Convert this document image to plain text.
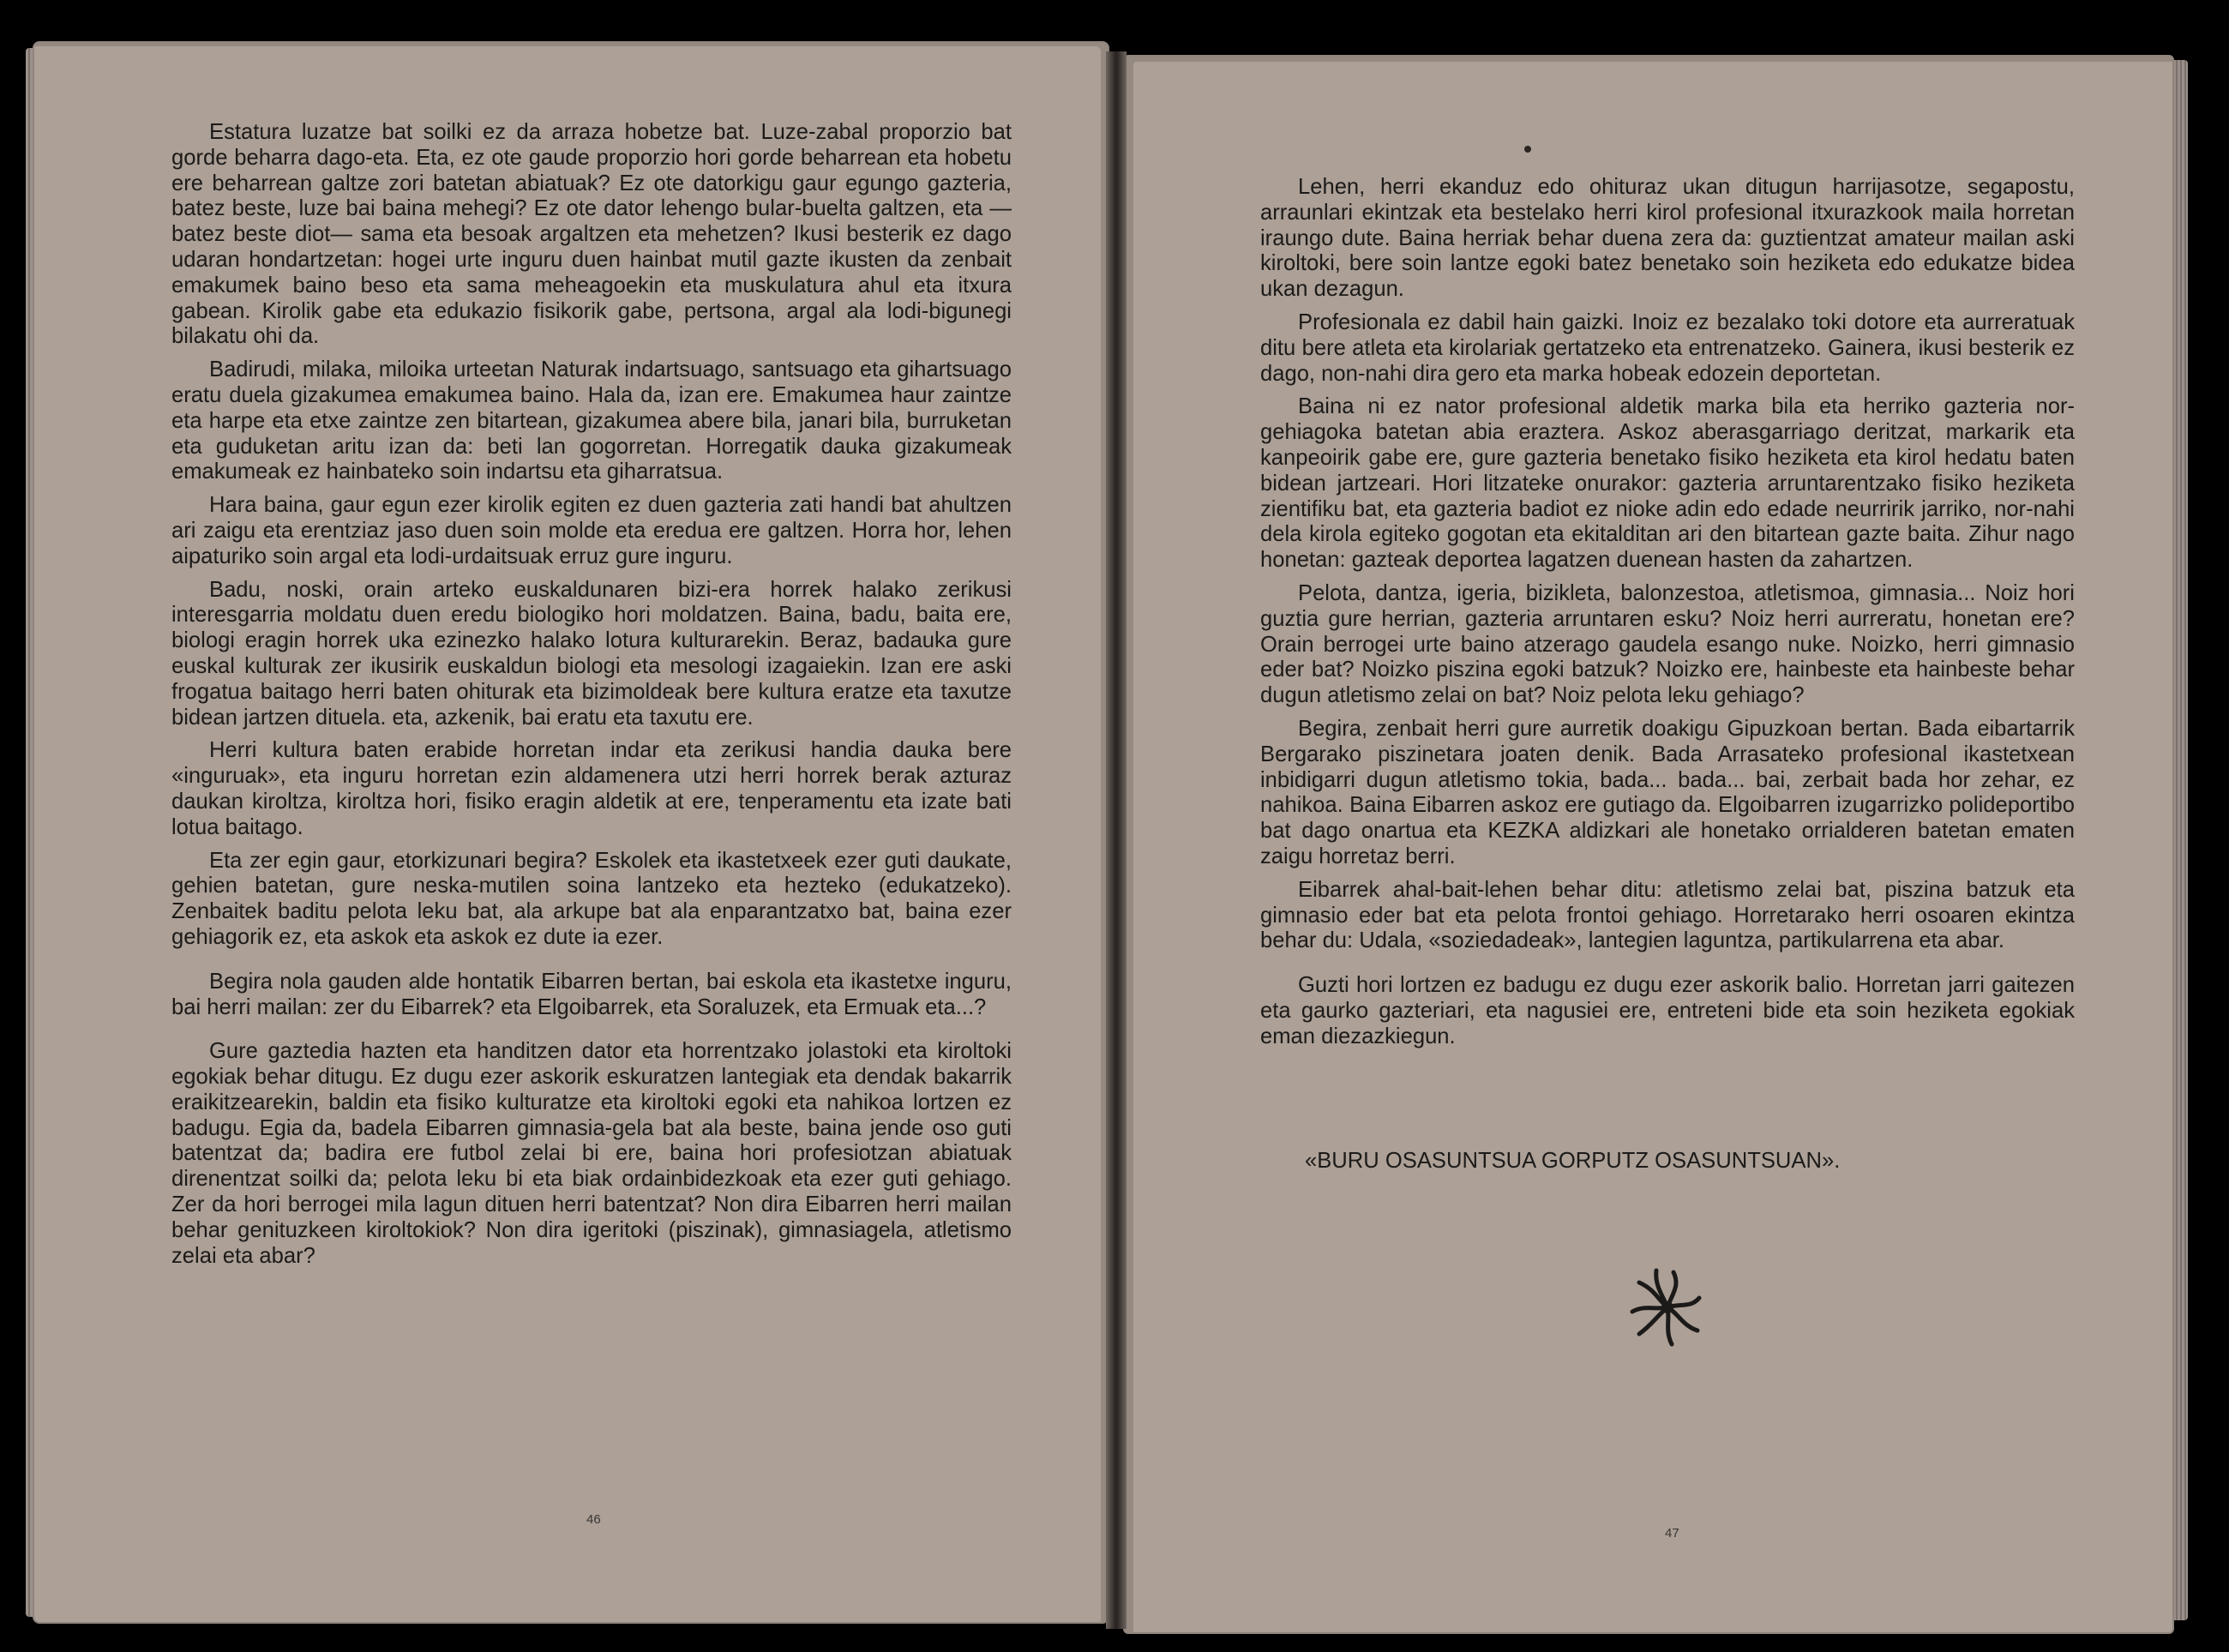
Estatura luzatze bat soilki ez da arraza hobetze bat. Luze-zabal proporzio bat gorde beharra dago-eta. Eta, ez ote gaude proporzio hori gorde beharrean eta hobetu ere beharrean galtze zori batetan abiatuak? Ez ote datorkigu gaur egungo gazteria, batez beste, luze bai baina mehegi? Ez ote dator lehengo bular-buelta galtzen, eta —batez beste diot— sama eta besoak argaltzen eta mehetzen? Ikusi besterik ez dago udaran hondartzetan: hogei urte inguru duen hainbat mutil gazte ikusten da zenbait emakumek baino beso eta sama meheagoekin eta muskulatura ahul eta itxura gabean. Kirolik gabe eta edukazio fisikorik gabe, pertsona, argal ala lodi-bigunegi bilakatu ohi da.

Badirudi, milaka, miloika urteetan Naturak indartsuago, santsuago eta gihartsuago eratu duela gizakumea emakumea baino. Hala da, izan ere. Emakumea haur zaintze eta harpe eta etxe zaintze zen bitartean, gizakumea abere bila, janari bila, burruketan eta guduketan aritu izan da: beti lan gogorretan. Horregatik dauka gizakumeak emakumeak ez hainbateko soin indartsu eta giharratsua.

Hara baina, gaur egun ezer kirolik egiten ez duen gazteria zati handi bat ahultzen ari zaigu eta erentziaz jaso duen soin molde eta eredua ere galtzen. Horra hor, lehen aipaturiko soin argal eta lodi-urdaitsuak erruz gure inguru.

Badu, noski, orain arteko euskaldunaren bizi-era horrek halako zerikusi interesgarria moldatu duen eredu biologiko hori moldatzen. Baina, badu, baita ere, biologi eragin horrek uka ezinezko halako lotura kulturarekin. Beraz, badauka gure euskal kulturak zer ikusirik euskaldun biologi eta mesologi izagaiekin. Izan ere aski frogatua baitago herri baten ohiturak eta bizimoldeak bere kultura eratze eta taxutze bidean jartzen dituela. eta, azkenik, bai eratu eta taxutu ere.

Herri kultura baten erabide horretan indar eta zerikusi handia dauka bere «inguruak», eta inguru horretan ezin aldamenera utzi herri horrek berak azturaz daukan kiroltza, kiroltza hori, fisiko eragin aldetik at ere, tenperamentu eta izate bati lotua baitago.

Eta zer egin gaur, etorkizunari begira? Eskolek eta ikastetxeek ezer guti daukate, gehien batetan, gure neska-mutilen soina lantzeko eta hezteko (edukatzeko). Zenbaitek baditu pelota leku bat, ala arkupe bat ala enparantzatxo bat, baina ezer gehiagorik ez, eta askok eta askok ez dute ia ezer.

Begira nola gauden alde hontatik Eibarren bertan, bai eskola eta ikastetxe inguru, bai herri mailan: zer du Eibarrek? eta Elgoibarrek, eta Soraluzek, eta Ermuak eta...?

Gure gaztedia hazten eta handitzen dator eta horrentzako jolastoki eta kiroltoki egokiak behar ditugu. Ez dugu ezer askorik eskuratzen lantegiak eta dendak bakarrik eraikitzearekin, baldin eta fisiko kulturatze eta kiroltoki egoki eta nahikoa lortzen ez badugu. Egia da, badela Eibarren gimnasia-gela bat ala beste, baina jende oso guti batentzat da; badira ere futbol zelai bi ere, baina hori profesiotzan abiatuak direnentzat soilki da; pelota leku bi eta biak ordainbidezkoak eta ezer guti gehiago. Zer da hori berrogei mila lagun dituen herri batentzat? Non dira Eibarren herri mailan behar genituzkeen kiroltokiok? Non dira igeritoki (piszinak), gimnasiagela, atletismo zelai eta abar?

46

Lehen, herri ekanduz edo ohituraz ukan ditugun harrijasotze, segapostu, arraunlari ekintzak eta bestelako herri kirol profesional itxurazkook maila horretan iraungo dute. Baina herriak behar duena zera da: guztientzat amateur mailan aski kiroltoki, bere soin lantze egoki batez benetako soin heziketa edo edukatze bidea ukan dezagun.

Profesionala ez dabil hain gaizki. Inoiz ez bezalako toki dotore eta aurreratuak ditu bere atleta eta kirolariak gertatzeko eta entrenatzeko. Gainera, ikusi besterik ez dago, non-nahi dira gero eta marka hobeak edozein deportetan.

Baina ni ez nator profesional aldetik marka bila eta herriko gazteria nor-gehiagoka batetan abia eraztera. Askoz aberasgarriago deritzat, markarik eta kanpeoirik gabe ere, gure gazteria benetako fisiko heziketa eta kirol hedatu baten bidean jartzeari. Hori litzateke onurakor: gazteria arruntarentzako fisiko heziketa zientifiku bat, eta gazteria badiot ez nioke adin edo edade neurririk jarriko, nor-nahi dela kirola egiteko gogotan eta ekitalditan ari den bitartean gazte baita. Zihur nago honetan: gazteak deportea lagatzen duenean hasten da zahartzen.

Pelota, dantza, igeria, bizikleta, balonzestoa, atletismoa, gimnasia... Noiz hori guztia gure herrian, gazteria arruntaren esku? Noiz herri aurreratu, honetan ere? Orain berrogei urte baino atzerago gaudela esango nuke. Noizko, herri gimnasio eder bat? Noizko piszina egoki batzuk? Noizko ere, hainbeste eta hainbeste behar dugun atletismo zelai on bat? Noiz pelota leku gehiago?

Begira, zenbait herri gure aurretik doakigu Gipuzkoan bertan. Bada eibartarrik Bergarako piszinetara joaten denik. Bada Arrasateko profesional ikastetxean inbidigarri dugun atletismo tokia, bada... bada... bai, zerbait bada hor zehar, ez nahikoa. Baina Eibarren askoz ere gutiago da. Elgoibarren izugarrizko polideportibo bat dago onartua eta KEZKA aldizkari ale honetako orrialderen batetan ematen zaigu horretaz berri.

Eibarrek ahal-bait-lehen behar ditu: atletismo zelai bat, piszina batzuk eta gimnasio eder bat eta pelota frontoi gehiago. Horretarako herri osoaren ekintza behar du: Udala, «soziedadeak», lantegien laguntza, partikularrena eta abar.

Guzti hori lortzen ez badugu ez dugu ezer askorik balio. Horretan jarri gaitezen eta gaurko gazteriari, eta nagusiei ere, entreteni bide eta soin heziketa egokiak eman diezazkiegun.

«BURU OSASUNTSUA GORPUTZ OSASUNTSUAN».
47
